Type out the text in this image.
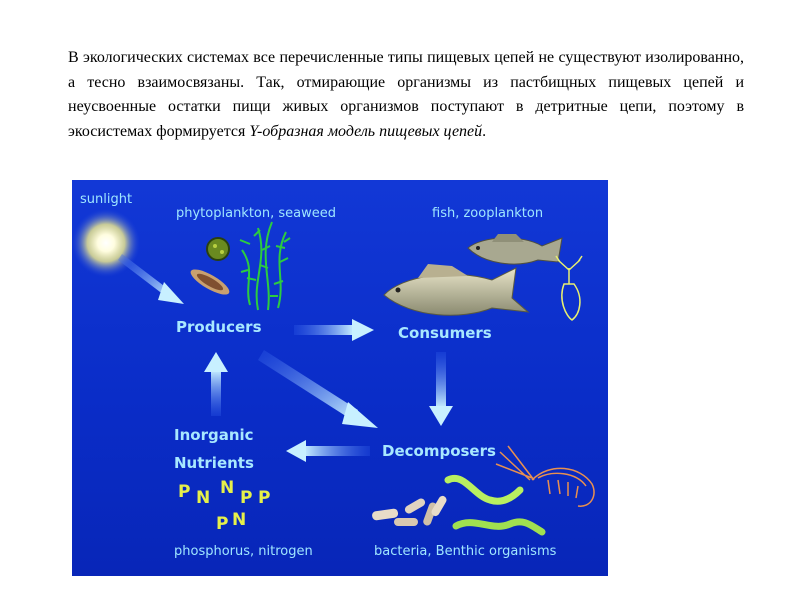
В экологических системах все перечисленные типы пищевых цепей не существуют изолированно, а тесно взаимосвязаны. Так, отмирающие организмы из пастбищных пищевых цепей и неусвоенные остатки пищи живых организмов поступают в детритные цепи, поэтому в экосистемах формируется Y-образная модель пищевых цепей.

sunlight
phytoplankton, seaweed	fish, zooplankton
Producers	Consumers
Inorganic
Nutrients
Decomposers
P N N P P
N
P
phosphorus, nitrogen	bacteria, Benthic organisms
